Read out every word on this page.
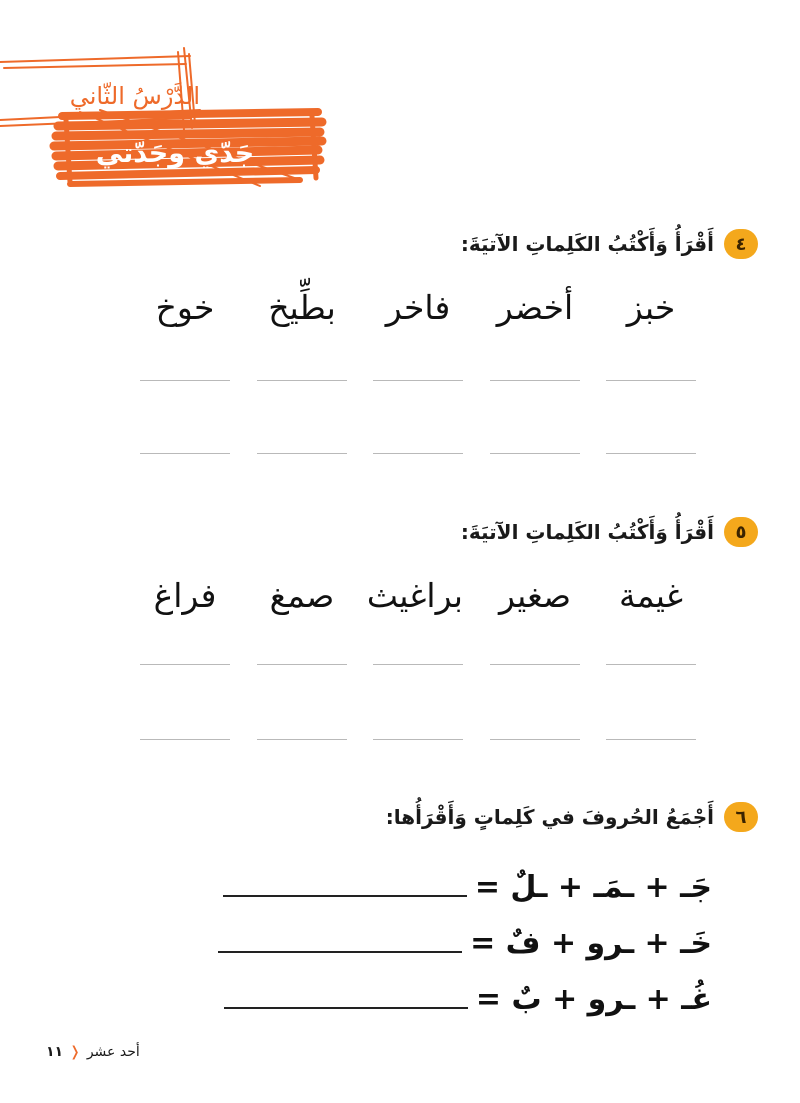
الدَّرْسُ الثّاني
جَدّي وجَدّتي
٤
أَقْرَأُ وَأَكْتُبُ الكَلِماتِ الآتيَةَ:
خبز
أخضر
فاخر
بطِّيخ
خوخ
٥
أَقْرَأُ وَأَكْتُبُ الكَلِماتِ الآتيَةَ:
غيمة
صغير
براغيث
صمغ
فراغ
٦
أَجْمَعُ الحُروفَ في كَلِماتٍ وَأَقْرَأُها:
جَـ + ـمَـ + ـلٌ =
خَـ + ـرو + فٌ =
غُـ + ـرو + بٌ =
أحد عشر
❬
١١
